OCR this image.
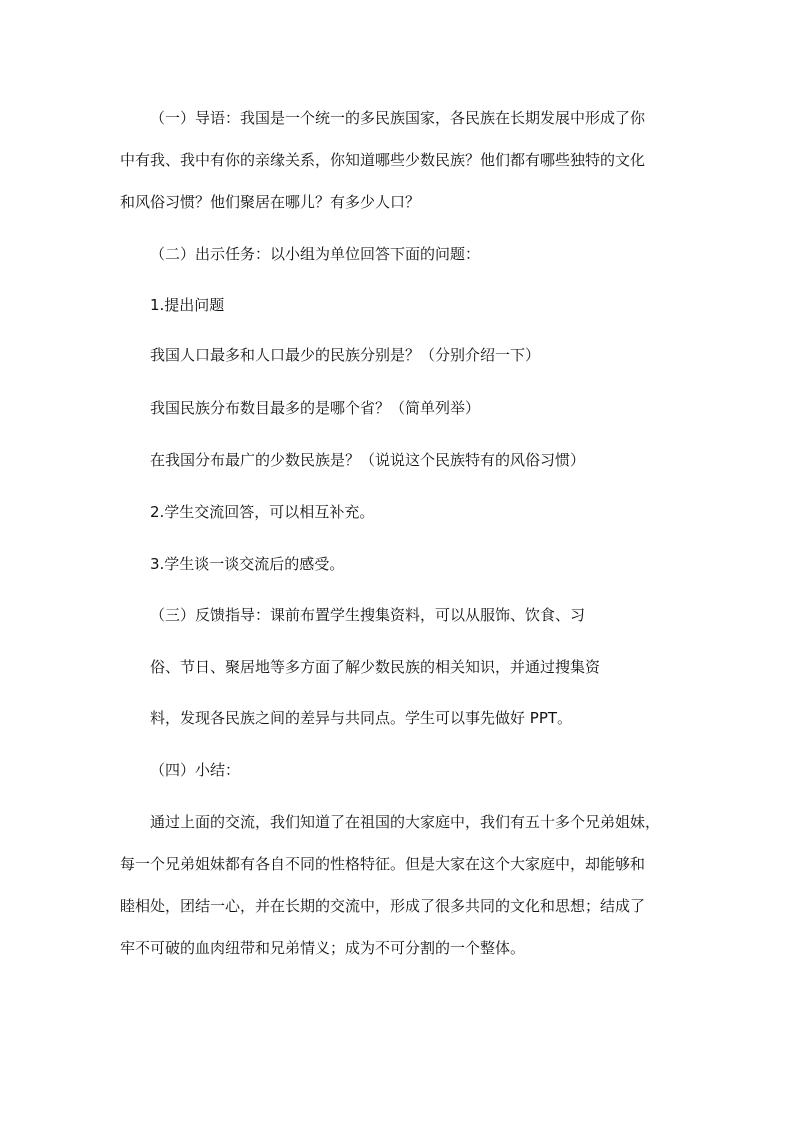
（一）导语：我国是一个统一的多民族国家，各民族在长期发展中形成了你
中有我、我中有你的亲缘关系，你知道哪些少数民族？他们都有哪些独特的文化
和风俗习惯？他们聚居在哪儿？有多少人口？
（二）出示任务：以小组为单位回答下面的问题：
1.提出问题
我国人口最多和人口最少的民族分别是？（分别介绍一下）
我国民族分布数目最多的是哪个省？（简单列举）
在我国分布最广的少数民族是？（说说这个民族特有的风俗习惯）
2.学生交流回答，可以相互补充。
3.学生谈一谈交流后的感受。
（三）反馈指导：课前布置学生搜集资料，可以从服饰、饮食、习
俗、节日、聚居地等多方面了解少数民族的相关知识，并通过搜集资
料，发现各民族之间的差异与共同点。学生可以事先做好 PPT。
（四）小结：
通过上面的交流，我们知道了在祖国的大家庭中，我们有五十多个兄弟姐妹，
每一个兄弟姐妹都有各自不同的性格特征。但是大家在这个大家庭中，却能够和
睦相处，团结一心，并在长期的交流中，形成了很多共同的文化和思想；结成了
牢不可破的血肉纽带和兄弟情义；成为不可分割的一个整体。
